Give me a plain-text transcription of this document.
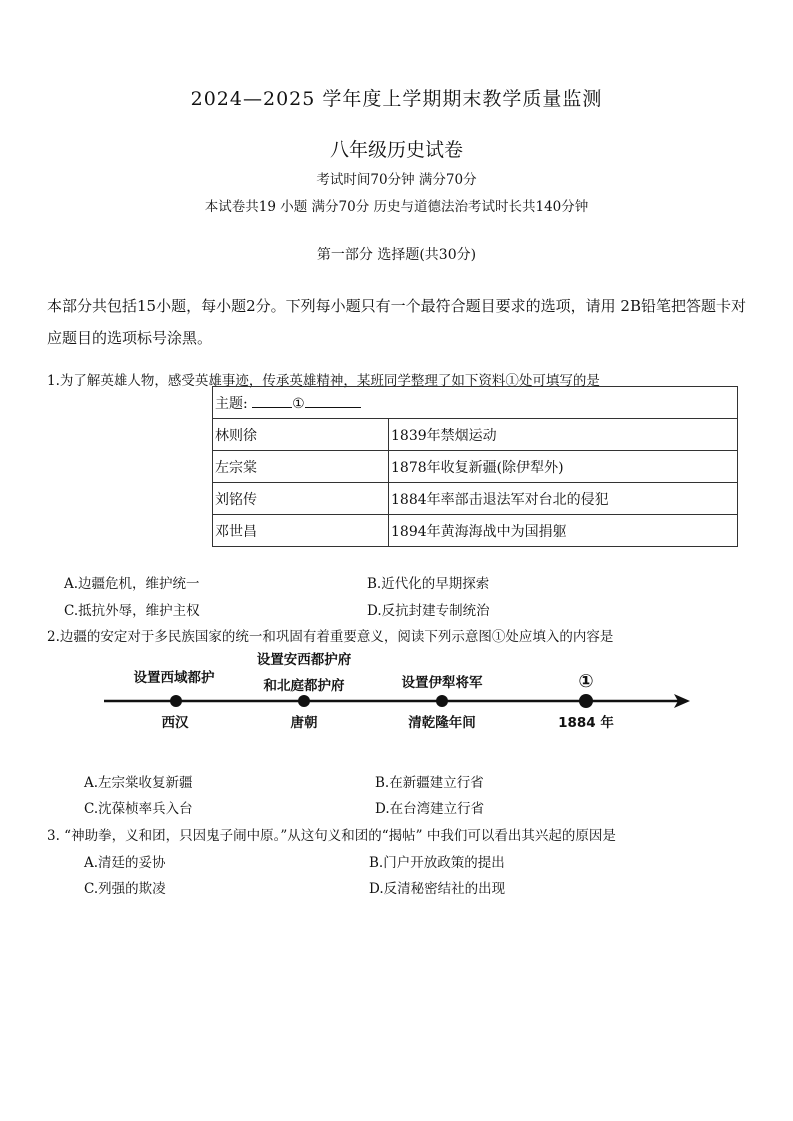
2024—2025 学年度上学期期末教学质量监测
八年级历史试卷
考试时间70分钟 满分70分
本试卷共19 小题 满分70分 历史与道德法治考试时长共140分钟
第一部分 选择题(共30分)
本部分共包括15小题，每小题2分。下列每小题只有一个最符合题目要求的选项，请用 2B铅笔把答题卡对应题目的选项标号涂黑。
1.为了解英雄人物，感受英雄事迹，传承英雄精神，某班同学整理了如下资料①处可填写的是
主题: ①	
林则徐	1839年禁烟运动
左宗棠	1878年收复新疆(除伊犁外)
刘铭传	1884年率部击退法军对台北的侵犯
邓世昌	1894年黄海海战中为国捐躯
A.边疆危机，维护统一	B.近代化的早期探索
C.抵抗外辱，维护主权	D.反抗封建专制统治
2.边疆的安定对于多民族国家的统一和巩固有着重要意义，阅读下列示意图①处应填入的内容是
设置西域都护
西汉
设置安西都护府
和北庭都护府
唐朝
设置伊犁将军
清乾隆年间
①
1884 年
A.左宗棠收复新疆	B.在新疆建立行省
C.沈葆桢率兵入台	D.在台湾建立行省
3. “神助拳，义和团，只因鬼子闹中原。”从这句义和团的“揭帖” 中我们可以看出其兴起的原因是
A.清廷的妥协	B.门户开放政策的提出
C.列强的欺凌	D.反清秘密结社的出现
